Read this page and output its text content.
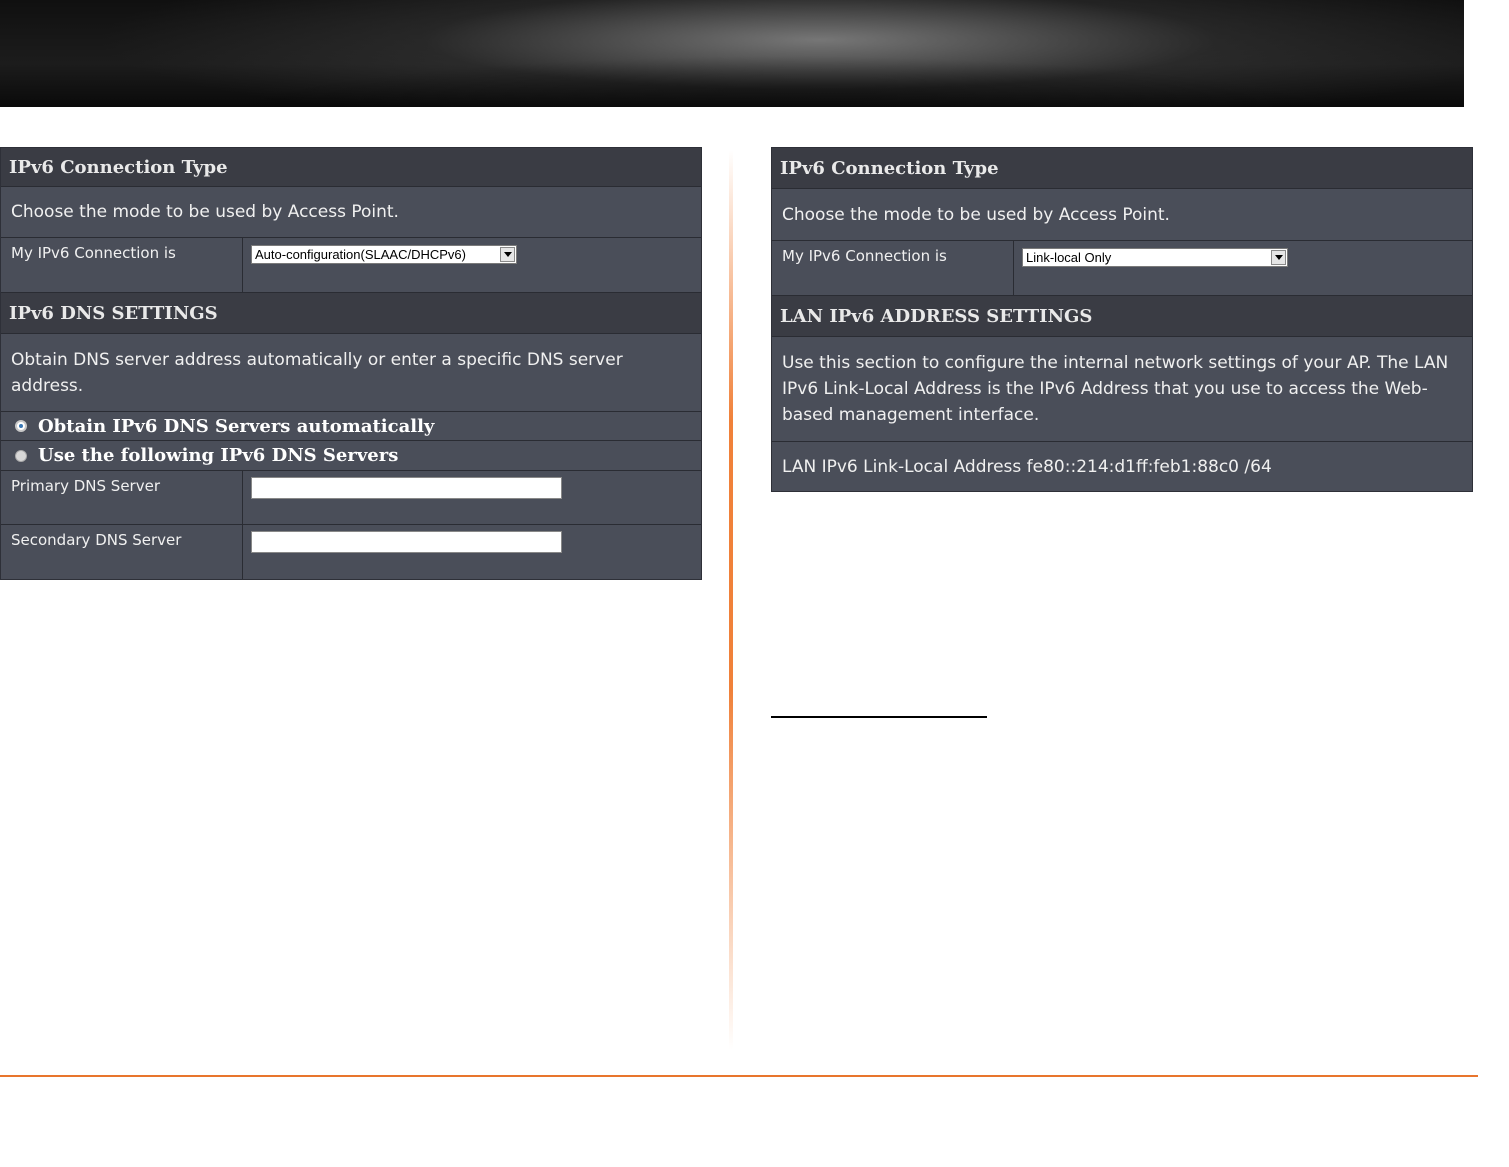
IPv6 Connection Type
Choose the mode to be used by Access Point.
My IPv6 Connection is	Auto-configuration(SLAAC/DHCPv6)
IPv6 DNS SETTINGS
Obtain DNS server address automatically or enter a specific DNS server address.
Obtain IPv6 DNS Servers automatically
Use the following IPv6 DNS Servers
Primary DNS Server
Secondary DNS Server
IPv6 Connection Type
Choose the mode to be used by Access Point.
My IPv6 Connection is	Link-local Only
LAN IPv6 ADDRESS SETTINGS
Use this section to configure the internal network settings of your AP. The LAN IPv6 Link-Local Address is the IPv6 Address that you use to access the Web-based management interface.
LAN IPv6 Link-Local Address fe80::214:d1ff:feb1:88c0 /64
